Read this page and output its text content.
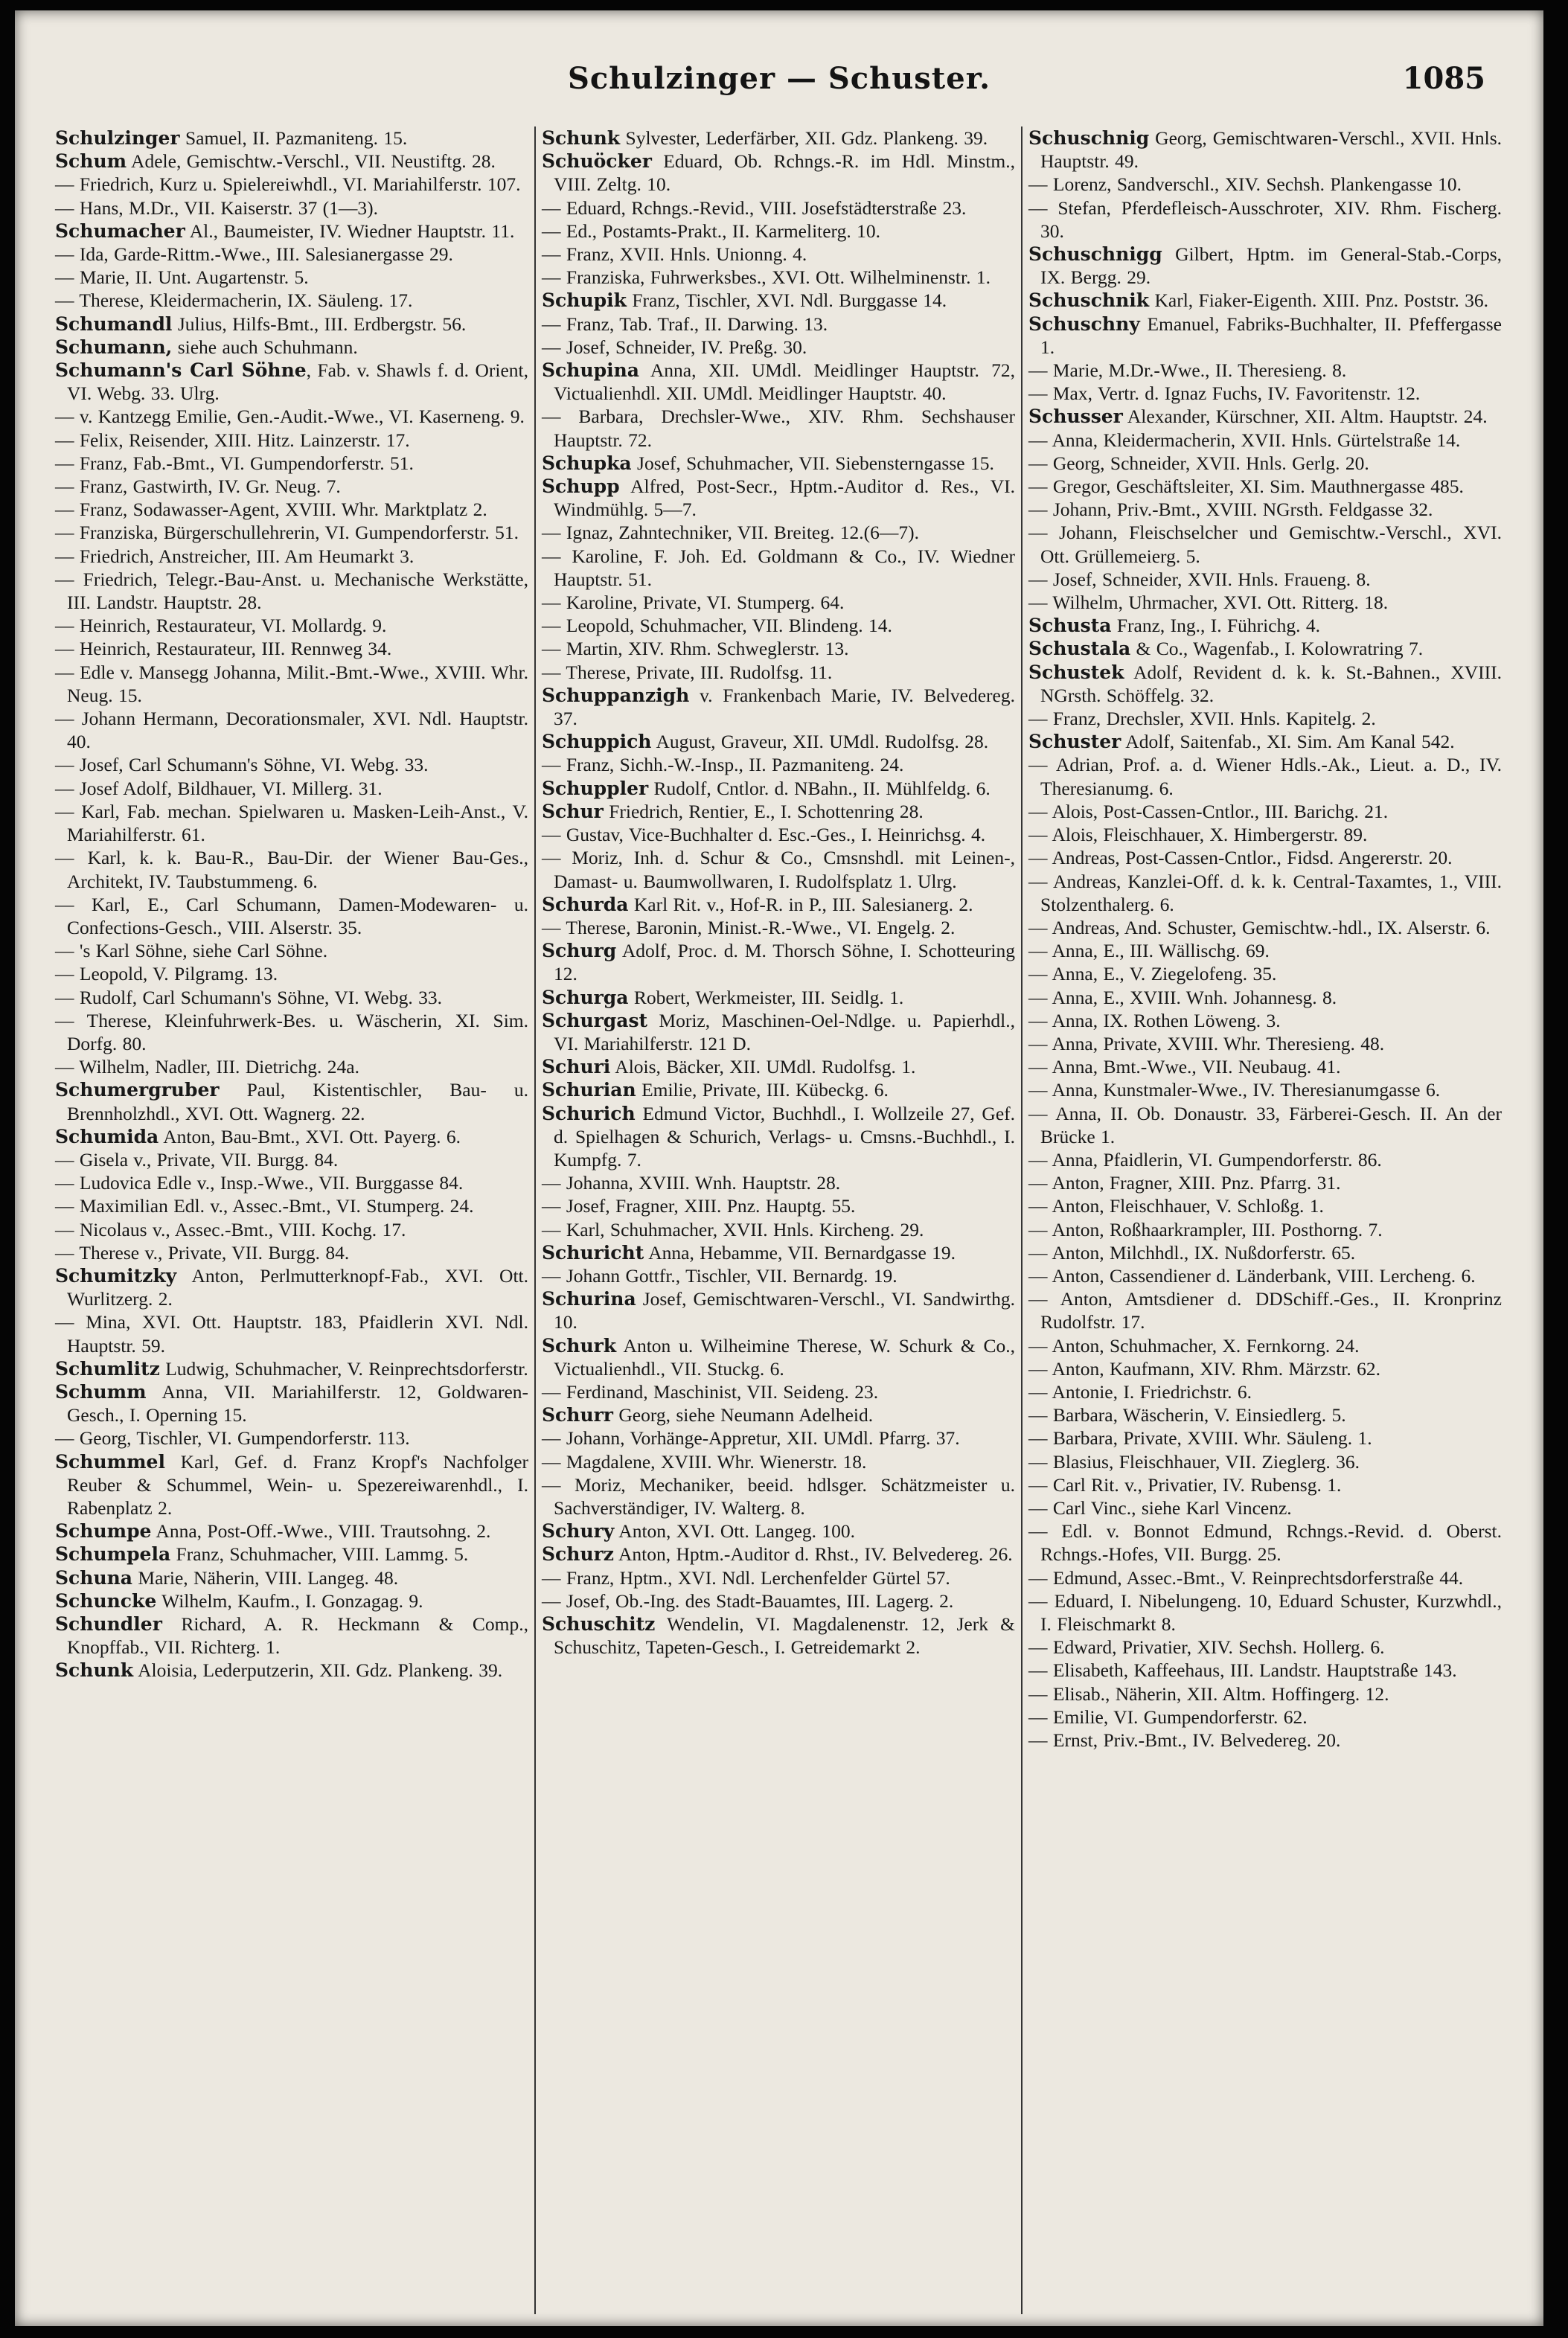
Schulzinger — Schuster.	1085
Schulzinger Samuel, II. Pazmaniteng. 15.
Schum Adele, Gemischtw.-Verschl., VII. Neustiftg. 28.
— Friedrich, Kurz u. Spielereiwhdl., VI. Mariahilferstr. 107.
— Hans, M.Dr., VII. Kaiserstr. 37 (1—3).
Schumacher Al., Baumeister, IV. Wiedner Hauptstr. 11.
— Ida, Garde-Rittm.-Wwe., III. Salesianergasse 29.
— Marie, II. Unt. Augartenstr. 5.
— Therese, Kleidermacherin, IX. Säuleng. 17.
Schumandl Julius, Hilfs-Bmt., III. Erdbergstr. 56.
Schumann, siehe auch Schuhmann.
Schumann's Carl Söhne, Fab. v. Shawls f. d. Orient, VI. Webg. 33. Ulrg.
— v. Kantzegg Emilie, Gen.-Audit.-Wwe., VI. Kaserneng. 9.
— Felix, Reisender, XIII. Hitz. Lainzerstr. 17.
— Franz, Fab.-Bmt., VI. Gumpendorferstr. 51.
— Franz, Gastwirth, IV. Gr. Neug. 7.
— Franz, Sodawasser-Agent, XVIII. Whr. Marktplatz 2.
— Franziska, Bürgerschullehrerin, VI. Gumpendorferstr. 51.
— Friedrich, Anstreicher, III. Am Heumarkt 3.
— Friedrich, Telegr.-Bau-Anst. u. Mechanische Werkstätte, III. Landstr. Hauptstr. 28.
— Heinrich, Restaurateur, VI. Mollardg. 9.
— Heinrich, Restaurateur, III. Rennweg 34.
— Edle v. Mansegg Johanna, Milit.-Bmt.-Wwe., XVIII. Whr. Neug. 15.
— Johann Hermann, Decorationsmaler, XVI. Ndl. Hauptstr. 40.
— Josef, Carl Schumann's Söhne, VI. Webg. 33.
— Josef Adolf, Bildhauer, VI. Millerg. 31.
— Karl, Fab. mechan. Spielwaren u. Masken-Leih-Anst., V. Mariahilferstr. 61.
— Karl, k. k. Bau-R., Bau-Dir. der Wiener Bau-Ges., Architekt, IV. Taubstummeng. 6.
— Karl, E., Carl Schumann, Damen-Modewaren- u. Confections-Gesch., VIII. Alserstr. 35.
— 's Karl Söhne, siehe Carl Söhne.
— Leopold, V. Pilgramg. 13.
— Rudolf, Carl Schumann's Söhne, VI. Webg. 33.
— Therese, Kleinfuhrwerk-Bes. u. Wäscherin, XI. Sim. Dorfg. 80.
— Wilhelm, Nadler, III. Dietrichg. 24a.
Schumergruber Paul, Kistentischler, Bau- u. Brennholzhdl., XVI. Ott. Wagnerg. 22.
Schumida Anton, Bau-Bmt., XVI. Ott. Payerg. 6.
— Gisela v., Private, VII. Burgg. 84.
— Ludovica Edle v., Insp.-Wwe., VII. Burggasse 84.
— Maximilian Edl. v., Assec.-Bmt., VI. Stumperg. 24.
— Nicolaus v., Assec.-Bmt., VIII. Kochg. 17.
— Therese v., Private, VII. Burgg. 84.
Schumitzky Anton, Perlmutterknopf-Fab., XVI. Ott. Wurlitzerg. 2.
— Mina, XVI. Ott. Hauptstr. 183, Pfaidlerin XVI. Ndl. Hauptstr. 59.
Schumlitz Ludwig, Schuhmacher, V. Reinprechtsdorferstr.
Schumm Anna, VII. Mariahilferstr. 12, Goldwaren-Gesch., I. Operning 15.
— Georg, Tischler, VI. Gumpendorferstr. 113.
Schummel Karl, Gef. d. Franz Kropf's Nachfolger Reuber & Schummel, Wein- u. Spezereiwarenhdl., I. Rabenplatz 2.
Schumpe Anna, Post-Off.-Wwe., VIII. Trautsohng. 2.
Schumpela Franz, Schuhmacher, VIII. Lammg. 5.
Schuna Marie, Näherin, VIII. Langeg. 48.
Schuncke Wilhelm, Kaufm., I. Gonzagag. 9.
Schundler Richard, A. R. Heckmann & Comp., Knopffab., VII. Richterg. 1.
Schunk Aloisia, Lederputzerin, XII. Gdz. Plankeng. 39.
Schunk Sylvester, Lederfärber, XII. Gdz. Plankeng. 39.
Schuöcker Eduard, Ob. Rchngs.-R. im Hdl. Minstm., VIII. Zeltg. 10.
— Eduard, Rchngs.-Revid., VIII. Josefstädterstraße 23.
— Ed., Postamts-Prakt., II. Karmeliterg. 10.
— Franz, XVII. Hnls. Unionng. 4.
— Franziska, Fuhrwerksbes., XVI. Ott. Wilhelminenstr. 1.
Schupik Franz, Tischler, XVI. Ndl. Burggasse 14.
— Franz, Tab. Traf., II. Darwing. 13.
— Josef, Schneider, IV. Preßg. 30.
Schupina Anna, XII. UMdl. Meidlinger Hauptstr. 72, Victualienhdl. XII. UMdl. Meidlinger Hauptstr. 40.
— Barbara, Drechsler-Wwe., XIV. Rhm. Sechshauser Hauptstr. 72.
Schupka Josef, Schuhmacher, VII. Siebensterngasse 15.
Schupp Alfred, Post-Secr., Hptm.-Auditor d. Res., VI. Windmühlg. 5—7.
— Ignaz, Zahntechniker, VII. Breiteg. 12.(6—7).
— Karoline, F. Joh. Ed. Goldmann & Co., IV. Wiedner Hauptstr. 51.
— Karoline, Private, VI. Stumperg. 64.
— Leopold, Schuhmacher, VII. Blindeng. 14.
— Martin, XIV. Rhm. Schweglerstr. 13.
— Therese, Private, III. Rudolfsg. 11.
Schuppanzigh v. Frankenbach Marie, IV. Belvedereg. 37.
Schuppich August, Graveur, XII. UMdl. Rudolfsg. 28.
— Franz, Sichh.-W.-Insp., II. Pazmaniteng. 24.
Schuppler Rudolf, Cntlor. d. NBahn., II. Mühlfeldg. 6.
Schur Friedrich, Rentier, E., I. Schottenring 28.
— Gustav, Vice-Buchhalter d. Esc.-Ges., I. Heinrichsg. 4.
— Moriz, Inh. d. Schur & Co., Cmsnshdl. mit Leinen-, Damast- u. Baumwollwaren, I. Rudolfsplatz 1. Ulrg.
Schurda Karl Rit. v., Hof-R. in P., III. Salesianerg. 2.
— Therese, Baronin, Minist.-R.-Wwe., VI. Engelg. 2.
Schurg Adolf, Proc. d. M. Thorsch Söhne, I. Schotteuring 12.
Schurga Robert, Werkmeister, III. Seidlg. 1.
Schurgast Moriz, Maschinen-Oel-Ndlge. u. Papierhdl., VI. Mariahilferstr. 121 D.
Schuri Alois, Bäcker, XII. UMdl. Rudolfsg. 1.
Schurian Emilie, Private, III. Kübeckg. 6.
Schurich Edmund Victor, Buchhdl., I. Wollzeile 27, Gef. d. Spielhagen & Schurich, Verlags- u. Cmsns.-Buchhdl., I. Kumpfg. 7.
— Johanna, XVIII. Wnh. Hauptstr. 28.
— Josef, Fragner, XIII. Pnz. Hauptg. 55.
— Karl, Schuhmacher, XVII. Hnls. Kircheng. 29.
Schuricht Anna, Hebamme, VII. Bernardgasse 19.
— Johann Gottfr., Tischler, VII. Bernardg. 19.
Schurina Josef, Gemischtwaren-Verschl., VI. Sandwirthg. 10.
Schurk Anton u. Wilheimine Therese, W. Schurk & Co., Victualienhdl., VII. Stuckg. 6.
— Ferdinand, Maschinist, VII. Seideng. 23.
Schurr Georg, siehe Neumann Adelheid.
— Johann, Vorhänge-Appretur, XII. UMdl. Pfarrg. 37.
— Magdalene, XVIII. Whr. Wienerstr. 18.
— Moriz, Mechaniker, beeid. hdlsger. Schätzmeister u. Sachverständiger, IV. Walterg. 8.
Schury Anton, XVI. Ott. Langeg. 100.
Schurz Anton, Hptm.-Auditor d. Rhst., IV. Belvedereg. 26.
— Franz, Hptm., XVI. Ndl. Lerchenfelder Gürtel 57.
— Josef, Ob.-Ing. des Stadt-Bauamtes, III. Lagerg. 2.
Schuschitz Wendelin, VI. Magdalenenstr. 12, Jerk & Schuschitz, Tapeten-Gesch., I. Getreidemarkt 2.
Schuschnig Georg, Gemischtwaren-Verschl., XVII. Hnls. Hauptstr. 49.
— Lorenz, Sandverschl., XIV. Sechsh. Plankengasse 10.
— Stefan, Pferdefleisch-Ausschroter, XIV. Rhm. Fischerg. 30.
Schuschnigg Gilbert, Hptm. im General-Stab.-Corps, IX. Bergg. 29.
Schuschnik Karl, Fiaker-Eigenth. XIII. Pnz. Poststr. 36.
Schuschny Emanuel, Fabriks-Buchhalter, II. Pfeffergasse 1.
— Marie, M.Dr.-Wwe., II. Theresieng. 8.
— Max, Vertr. d. Ignaz Fuchs, IV. Favoritenstr. 12.
Schusser Alexander, Kürschner, XII. Altm. Hauptstr. 24.
— Anna, Kleidermacherin, XVII. Hnls. Gürtelstraße 14.
— Georg, Schneider, XVII. Hnls. Gerlg. 20.
— Gregor, Geschäftsleiter, XI. Sim. Mauthnergasse 485.
— Johann, Priv.-Bmt., XVIII. NGrsth. Feldgasse 32.
— Johann, Fleischselcher und Gemischtw.-Verschl., XVI. Ott. Grüllemeierg. 5.
— Josef, Schneider, XVII. Hnls. Fraueng. 8.
— Wilhelm, Uhrmacher, XVI. Ott. Ritterg. 18.
Schusta Franz, Ing., I. Führichg. 4.
Schustala & Co., Wagenfab., I. Kolowratring 7.
Schustek Adolf, Revident d. k. k. St.-Bahnen., XVIII. NGrsth. Schöffelg. 32.
— Franz, Drechsler, XVII. Hnls. Kapitelg. 2.
Schuster Adolf, Saitenfab., XI. Sim. Am Kanal 542.
— Adrian, Prof. a. d. Wiener Hdls.-Ak., Lieut. a. D., IV. Theresianumg. 6.
— Alois, Post-Cassen-Cntlor., III. Barichg. 21.
— Alois, Fleischhauer, X. Himbergerstr. 89.
— Andreas, Post-Cassen-Cntlor., Fidsd. Angererstr. 20.
— Andreas, Kanzlei-Off. d. k. k. Central-Taxamtes, 1., VIII. Stolzenthalerg. 6.
— Andreas, And. Schuster, Gemischtw.-hdl., IX. Alserstr. 6.
— Anna, E., III. Wällischg. 69.
— Anna, E., V. Ziegelofeng. 35.
— Anna, E., XVIII. Wnh. Johannesg. 8.
— Anna, IX. Rothen Löweng. 3.
— Anna, Private, XVIII. Whr. Theresieng. 48.
— Anna, Bmt.-Wwe., VII. Neubaug. 41.
— Anna, Kunstmaler-Wwe., IV. Theresianumgasse 6.
— Anna, II. Ob. Donaustr. 33, Färberei-Gesch. II. An der Brücke 1.
— Anna, Pfaidlerin, VI. Gumpendorferstr. 86.
— Anton, Fragner, XIII. Pnz. Pfarrg. 31.
— Anton, Fleischhauer, V. Schloßg. 1.
— Anton, Roßhaarkrampler, III. Posthorng. 7.
— Anton, Milchhdl., IX. Nußdorferstr. 65.
— Anton, Cassendiener d. Länderbank, VIII. Lercheng. 6.
— Anton, Amtsdiener d. DDSchiff.-Ges., II. Kronprinz Rudolfstr. 17.
— Anton, Schuhmacher, X. Fernkorng. 24.
— Anton, Kaufmann, XIV. Rhm. Märzstr. 62.
— Antonie, I. Friedrichstr. 6.
— Barbara, Wäscherin, V. Einsiedlerg. 5.
— Barbara, Private, XVIII. Whr. Säuleng. 1.
— Blasius, Fleischhauer, VII. Zieglerg. 36.
— Carl Rit. v., Privatier, IV. Rubensg. 1.
— Carl Vinc., siehe Karl Vincenz.
— Edl. v. Bonnot Edmund, Rchngs.-Revid. d. Oberst. Rchngs.-Hofes, VII. Burgg. 25.
— Edmund, Assec.-Bmt., V. Reinprechtsdorferstraße 44.
— Eduard, I. Nibelungeng. 10, Eduard Schuster, Kurzwhdl., I. Fleischmarkt 8.
— Edward, Privatier, XIV. Sechsh. Hollerg. 6.
— Elisabeth, Kaffeehaus, III. Landstr. Hauptstraße 143.
— Elisab., Näherin, XII. Altm. Hoffingerg. 12.
— Emilie, VI. Gumpendorferstr. 62.
— Ernst, Priv.-Bmt., IV. Belvedereg. 20.
